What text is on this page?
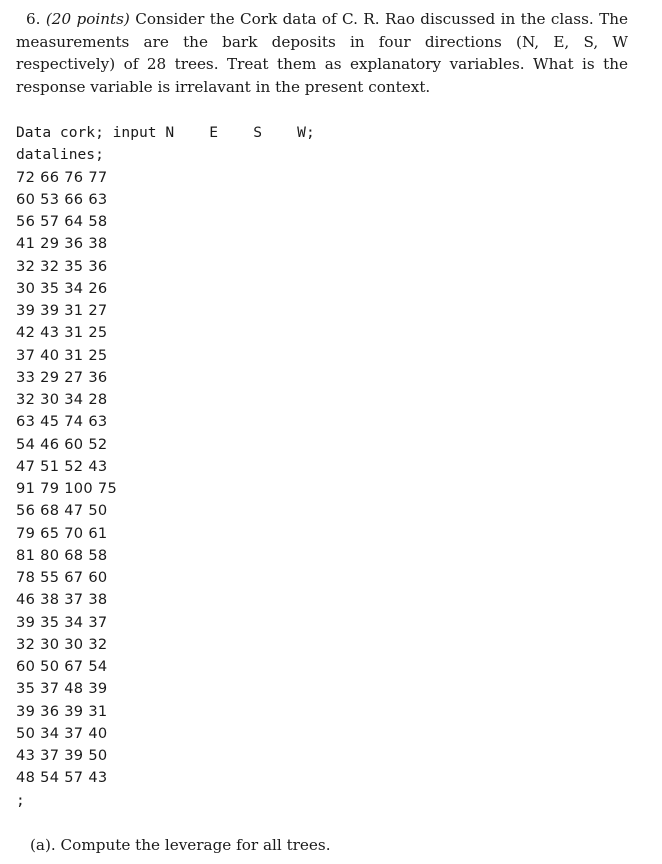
6. (20 points) Consider the Cork data of C. R. Rao discussed in the class. The measurements are the bark deposits in four directions (N, E, S, W respectively) of 28 trees. Treat them as explanatory variables. What is the response variable is irrelavant in the present context.
Data cork; input N    E    S    W;
datalines;
72 66 76 77
60 53 66 63
56 57 64 58
41 29 36 38
32 32 35 36
30 35 34 26
39 39 31 27
42 43 31 25
37 40 31 25
33 29 27 36
32 30 34 28
63 45 74 63
54 46 60 52
47 51 52 43
91 79 100 75
56 68 47 50
79 65 70 61
81 80 68 58
78 55 67 60
46 38 37 38
39 35 34 37
32 30 30 32
60 50 67 54
35 37 48 39
39 36 39 31
50 34 37 40
43 37 39 50
48 54 57 43
;
(a). Compute the leverage for all trees.
